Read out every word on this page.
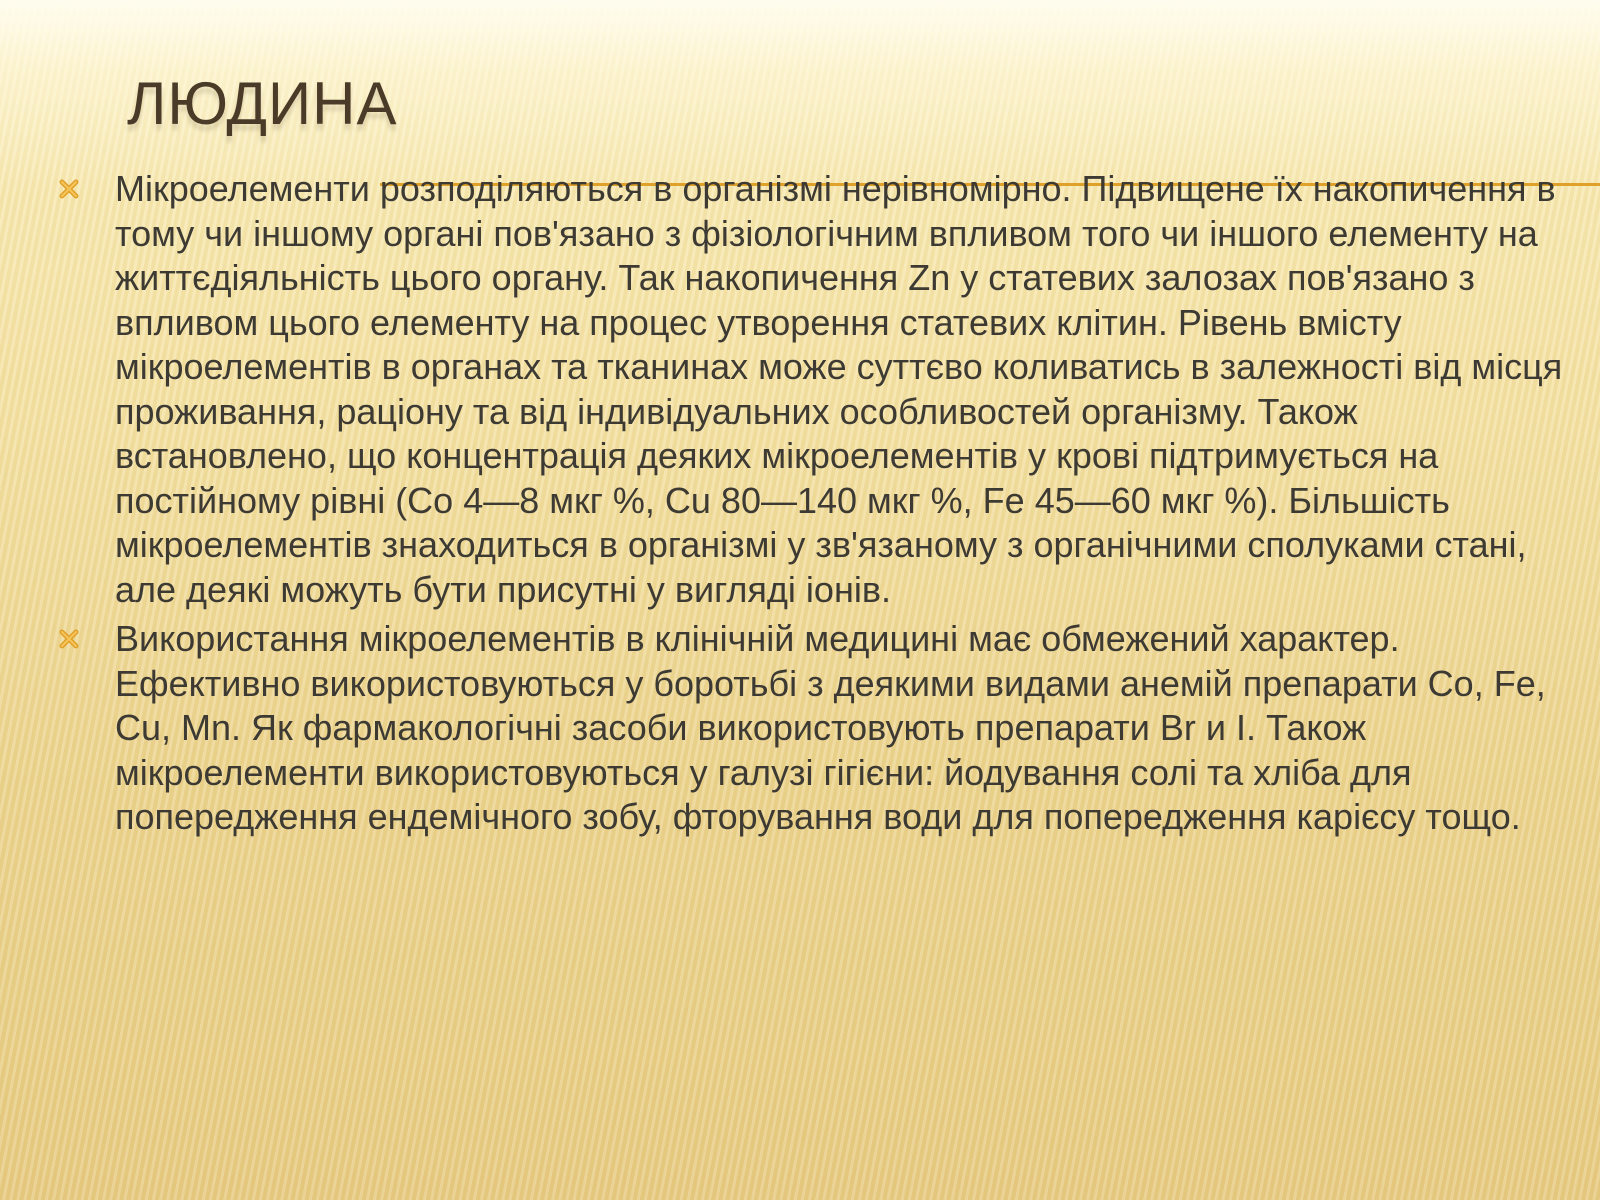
ЛЮДИНА
Мікроелементи розподіляються в організмі нерівномірно. Підвищене їх накопичення в тому чи іншому органі пов'язано з фізіологічним впливом того чи іншого елементу на життєдіяльність цього органу. Так накопичення Zn у статевих залозах пов'язано з впливом цього елементу на процес утворення статевих клітин. Рівень вмісту мікроелементів в органах та тканинах може суттєво коливатись в залежності від місця проживання, раціону та від індивідуальних особливостей організму. Також встановлено, що концентрація деяких мікроелементів у крові підтримується на постійному рівні (Co 4—8 мкг %, Cu 80—140 мкг %, Fe 45—60 мкг %). Більшість мікроелементів знаходиться в організмі у зв'язаному з органічними сполуками стані, але деякі можуть бути присутні у вигляді іонів.
Використання мікроелементів в клінічній медицині має обмежений характер. Ефективно використовуються у боротьбі з деякими видами анемій препарати Co, Fe, Cu, Mn. Як фармакологічні засоби використовують препарати Br и I. Також мікроелементи використовуються у галузі гігієни: йодування солі та хліба для попередження ендемічного зобу, фторування води для попередження карієсу тощо.
